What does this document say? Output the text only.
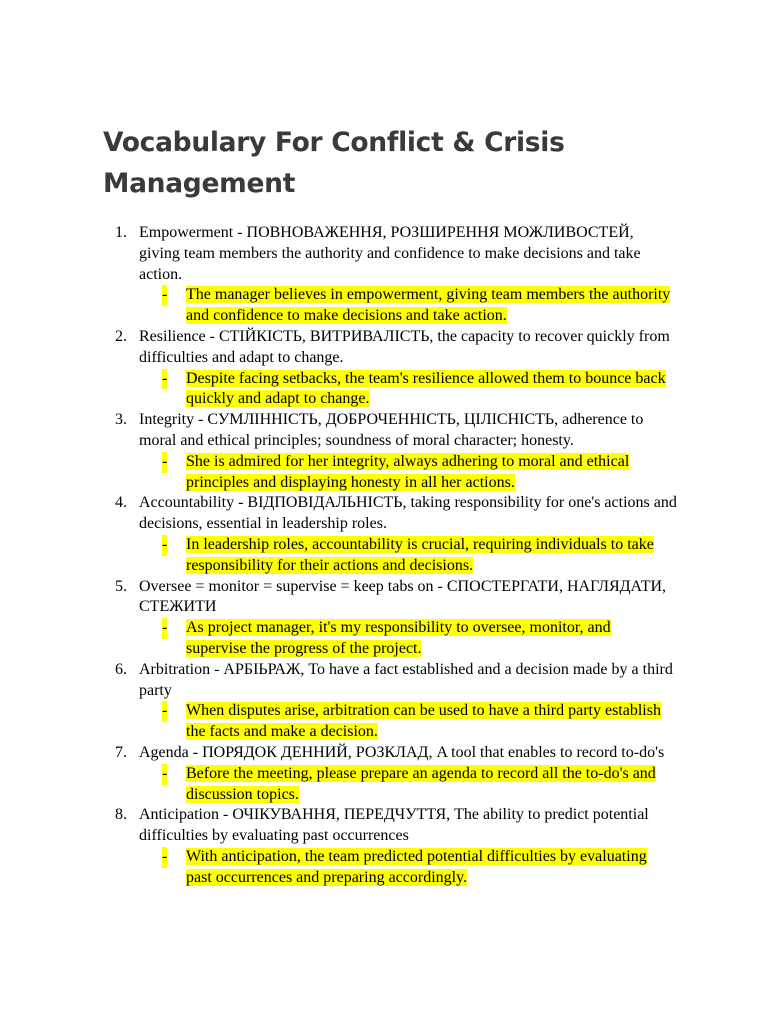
Vocabulary For Conflict & Crisis
Management
1. Empowerment - ПОВНОВАЖЕННЯ, РОЗШИРЕННЯ МОЖЛИВОСТЕЙ, giving team members the authority and confidence to make decisions and take action.
- The manager believes in empowerment, giving team members the authority and confidence to make decisions and take action.
2. Resilience - СТІЙКІСТЬ, ВИТРИВАЛІСТЬ, the capacity to recover quickly from difficulties and adapt to change.
- Despite facing setbacks, the team's resilience allowed them to bounce back quickly and adapt to change.
3. Integrity - СУМЛІННІСТЬ, ДОБРОЧЕННІСТЬ, ЦІЛІСНІСТЬ, adherence to moral and ethical principles; soundness of moral character; honesty.
- She is admired for her integrity, always adhering to moral and ethical principles and displaying honesty in all her actions.
4. Accountability - ВІДПОВІДАЛЬНІСТЬ, taking responsibility for one's actions and decisions, essential in leadership roles.
- In leadership roles, accountability is crucial, requiring individuals to take responsibility for their actions and decisions.
5. Oversee = monitor = supervise = keep tabs on - СПОСТЕРГАТИ, НАГЛЯДАТИ, СТЕЖИТИ
- As project manager, it's my responsibility to oversee, monitor, and supervise the progress of the project.
6. Arbitration - АРБІЬРАЖ, To have a fact established and a decision made by a third party
- When disputes arise, arbitration can be used to have a third party establish the facts and make a decision.
7. Agenda - ПОРЯДОК ДЕННИЙ, РОЗКЛАД, A tool that enables to record to-do's
- Before the meeting, please prepare an agenda to record all the to-do's and discussion topics.
8. Anticipation - ОЧІКУВАННЯ, ПЕРЕДЧУТТЯ, The ability to predict potential difficulties by evaluating past occurrences
- With anticipation, the team predicted potential difficulties by evaluating past occurrences and preparing accordingly.
